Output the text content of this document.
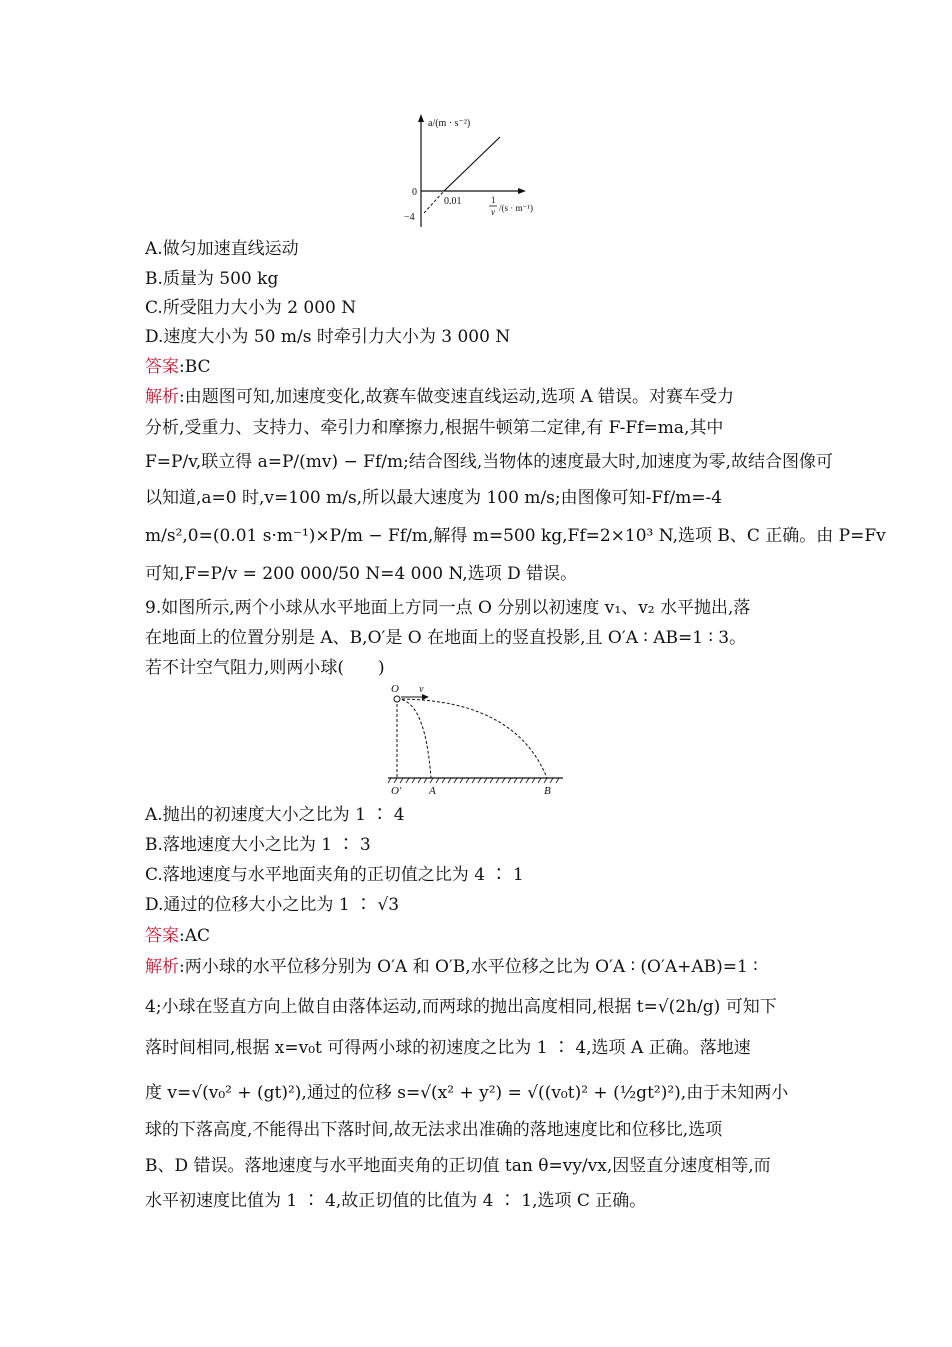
a/(m · s⁻²)
0
−4
0.01	1
v /(s · m⁻¹)
A.做匀加速直线运动
B.质量为 500 kg
C.所受阻力大小为 2 000 N
D.速度大小为 50 m/s 时牵引力大小为 3 000 N
答案:BC
解析:由题图可知,加速度变化,故赛车做变速直线运动,选项 A 错误。对赛车受力
分析,受重力、支持力、牵引力和摩擦力,根据牛顿第二定律,有 F-Ff=ma,其中
F=P/v,联立得 a=P/(mv) − Ff/m;结合图线,当物体的速度最大时,加速度为零,故结合图像可
以知道,a=0 时,v=100 m/s,所以最大速度为 100 m/s;由图像可知-Ff/m=-4
m/s²,0=(0.01 s·m⁻¹)×P/m − Ff/m,解得 m=500 kg,Ff=2×10³ N,选项 B、C 正确。由 P=Fv
可知,F=P/v = 200 000/50 N=4 000 N,选项 D 错误。
9.如图所示,两个小球从水平地面上方同一点 O 分别以初速度 v₁、v₂ 水平抛出,落
在地面上的位置分别是 A、B,O′是 O 在地面上的竖直投影,且 O′A ∶ AB=1 ∶ 3。
若不计空气阻力,则两小球(　　)
O v
O′	A	B
A.抛出的初速度大小之比为 1 ∶ 4
B.落地速度大小之比为 1 ∶ 3
C.落地速度与水平地面夹角的正切值之比为 4 ∶ 1
D.通过的位移大小之比为 1 ∶ √3
答案:AC
解析:两小球的水平位移分别为 O′A 和 O′B,水平位移之比为 O′A ∶ (O′A+AB)=1 ∶
4;小球在竖直方向上做自由落体运动,而两球的抛出高度相同,根据 t=√(2h/g) 可知下
落时间相同,根据 x=v₀t 可得两小球的初速度之比为 1 ∶ 4,选项 A 正确。落地速
度 v=√(v₀² + (gt)²),通过的位移 s=√(x² + y²) = √((v₀t)² + (½gt²)²),由于未知两小
球的下落高度,不能得出下落时间,故无法求出准确的落地速度比和位移比,选项
B、D 错误。落地速度与水平地面夹角的正切值 tan θ=vy/vx,因竖直分速度相等,而
水平初速度比值为 1 ∶ 4,故正切值的比值为 4 ∶ 1,选项 C 正确。
